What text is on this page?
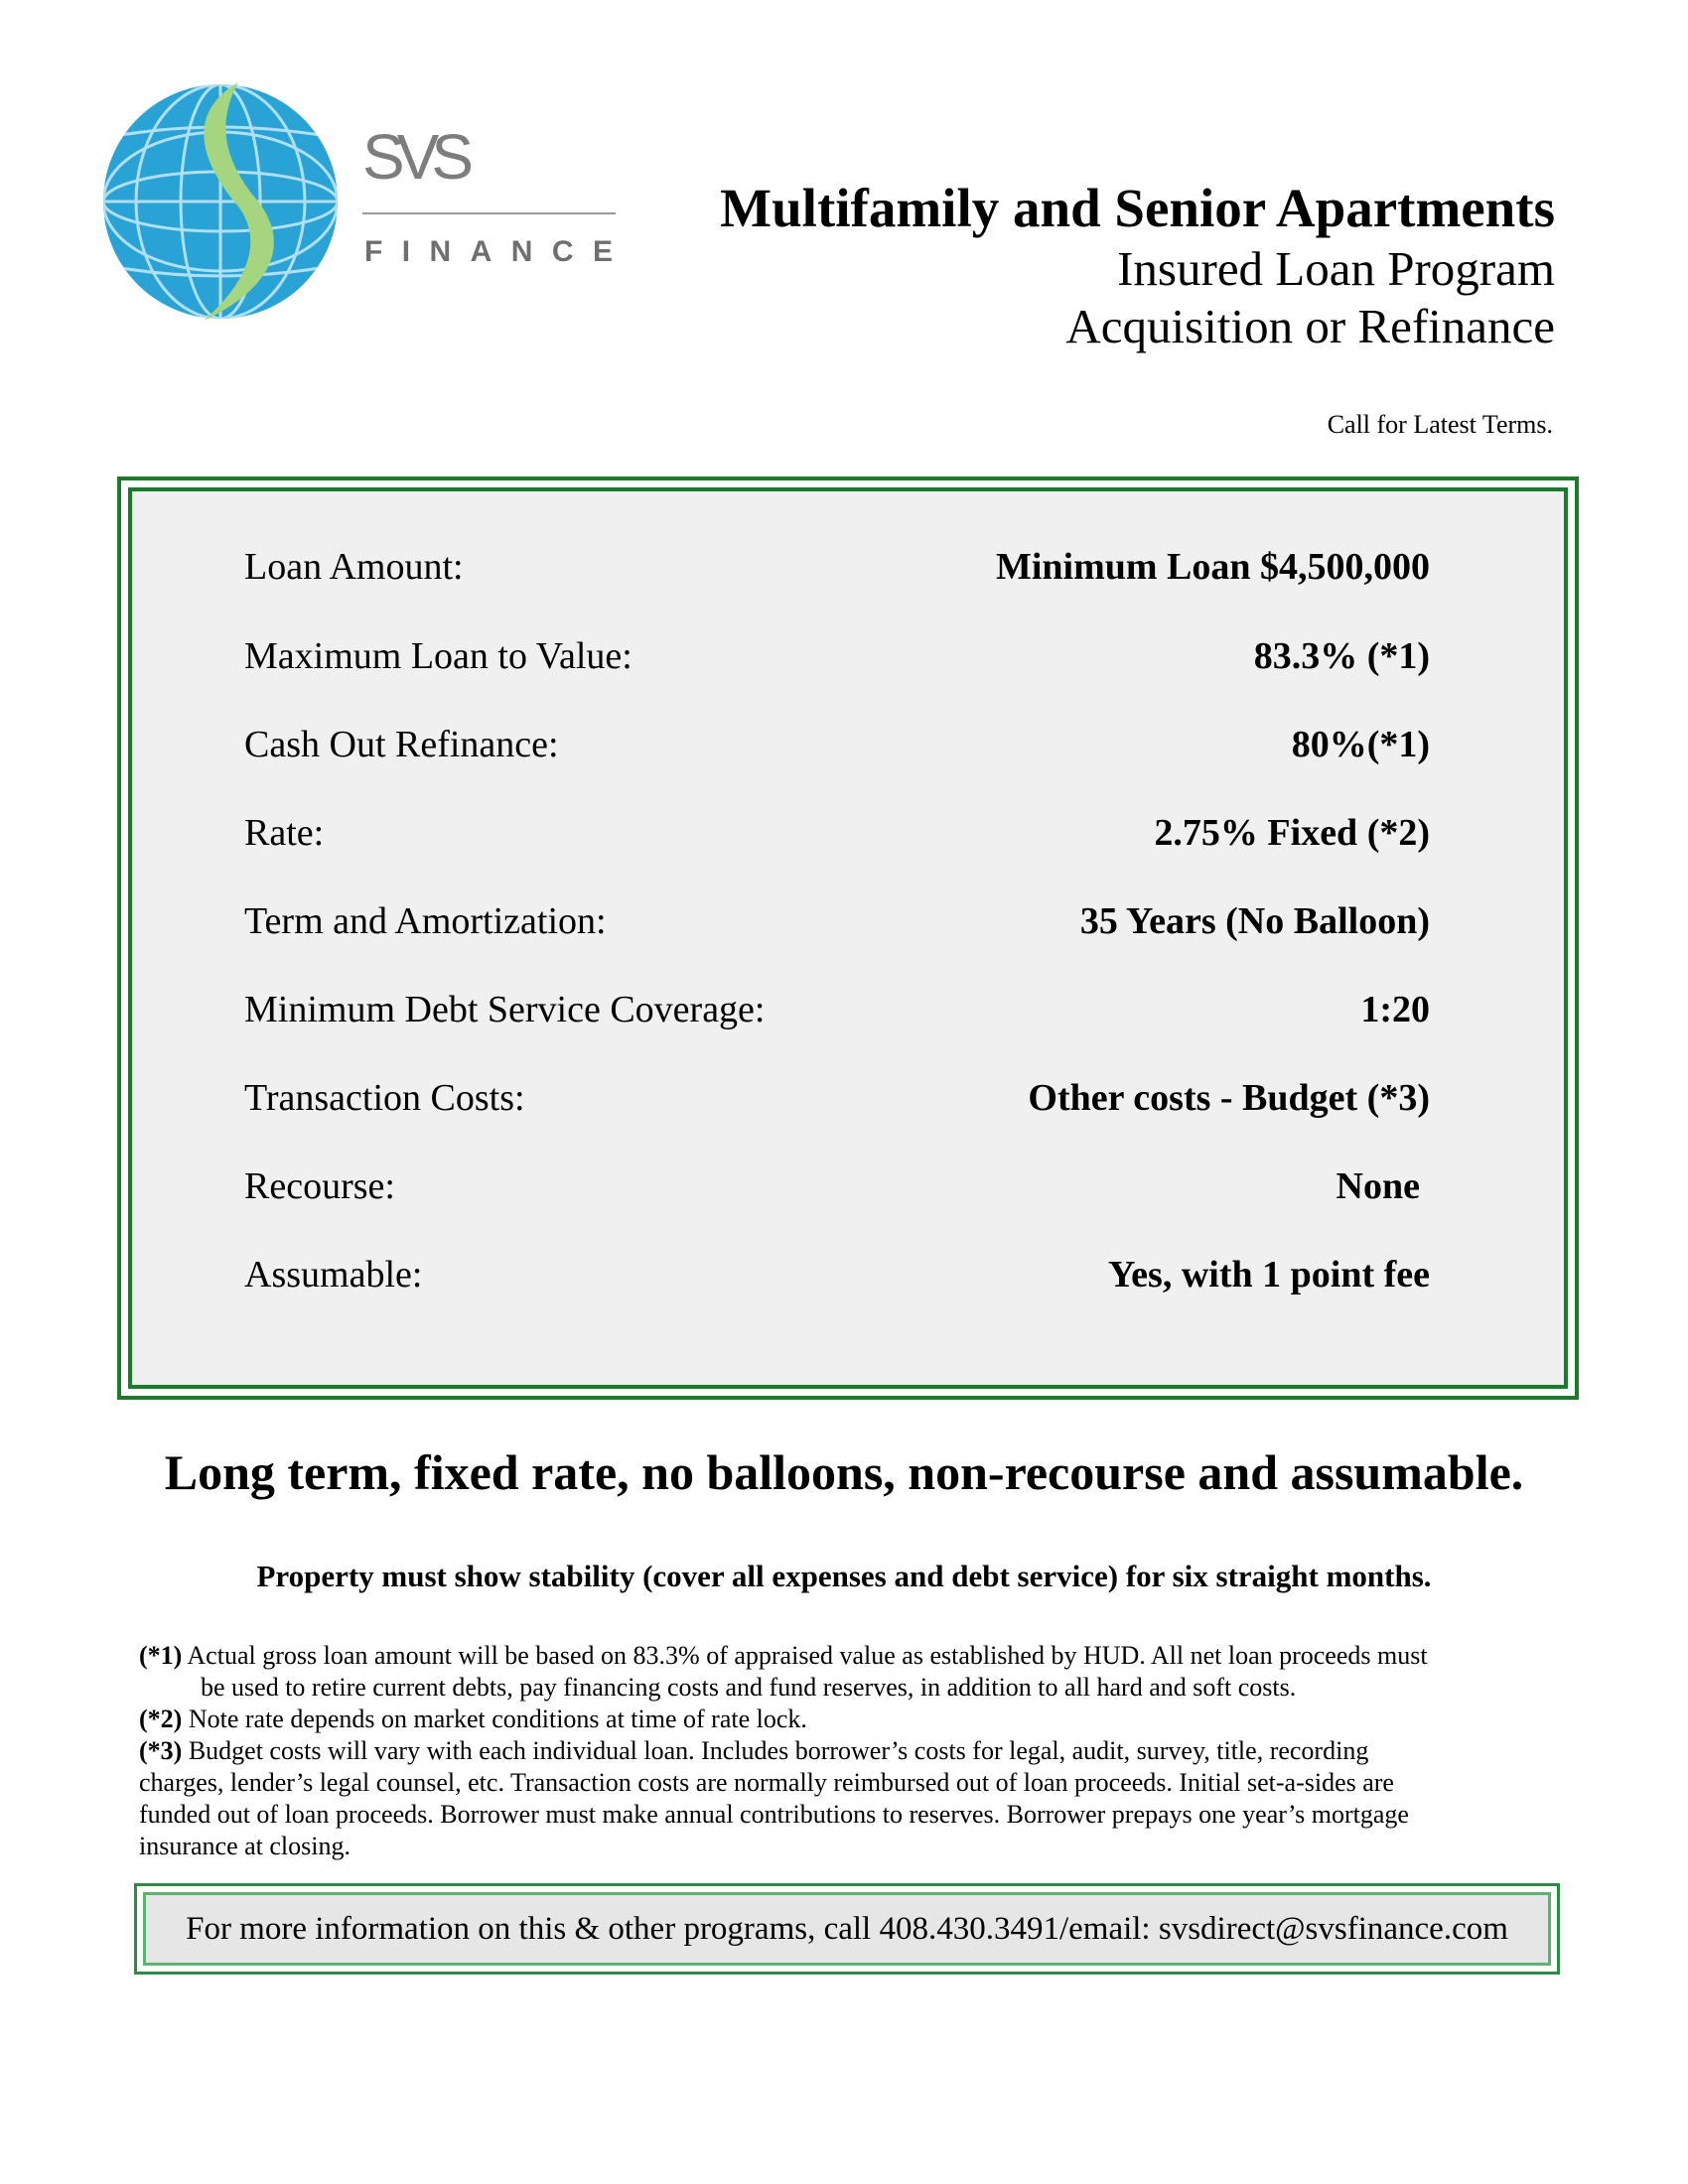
SVS
FINANCE
Multifamily and Senior Apartments
Insured Loan Program
Acquisition or Refinance
Call for Latest Terms.
Loan Amount:	Minimum Loan $4,500,000
Maximum Loan to Value:	83.3% (*1)
Cash Out Refinance:	80%(*1)
Rate:	2.75% Fixed (*2)
Term and Amortization:	35 Years (No Balloon)
Minimum Debt Service Coverage:	1:20
Transaction Costs:	Other costs - Budget (*3)
Recourse:	None
Assumable:	Yes, with 1 point fee
Long term, fixed rate, no balloons, non-recourse and assumable.
Property must show stability (cover all expenses and debt service) for six straight months.
(*1) Actual gross loan amount will be based on 83.3% of appraised value as established by HUD. All net loan proceeds must
be used to retire current debts, pay financing costs and fund reserves, in addition to all hard and soft costs.
(*2) Note rate depends on market conditions at time of rate lock.
(*3) Budget costs will vary with each individual loan. Includes borrower’s costs for legal, audit, survey, title, recording
charges, lender’s legal counsel, etc. Transaction costs are normally reimbursed out of loan proceeds. Initial set-a-sides are
funded out of loan proceeds. Borrower must make annual contributions to reserves. Borrower prepays one year’s mortgage
insurance at closing.
For more information on this & other programs, call 408.430.3491/email: svsdirect@svsfinance.com
